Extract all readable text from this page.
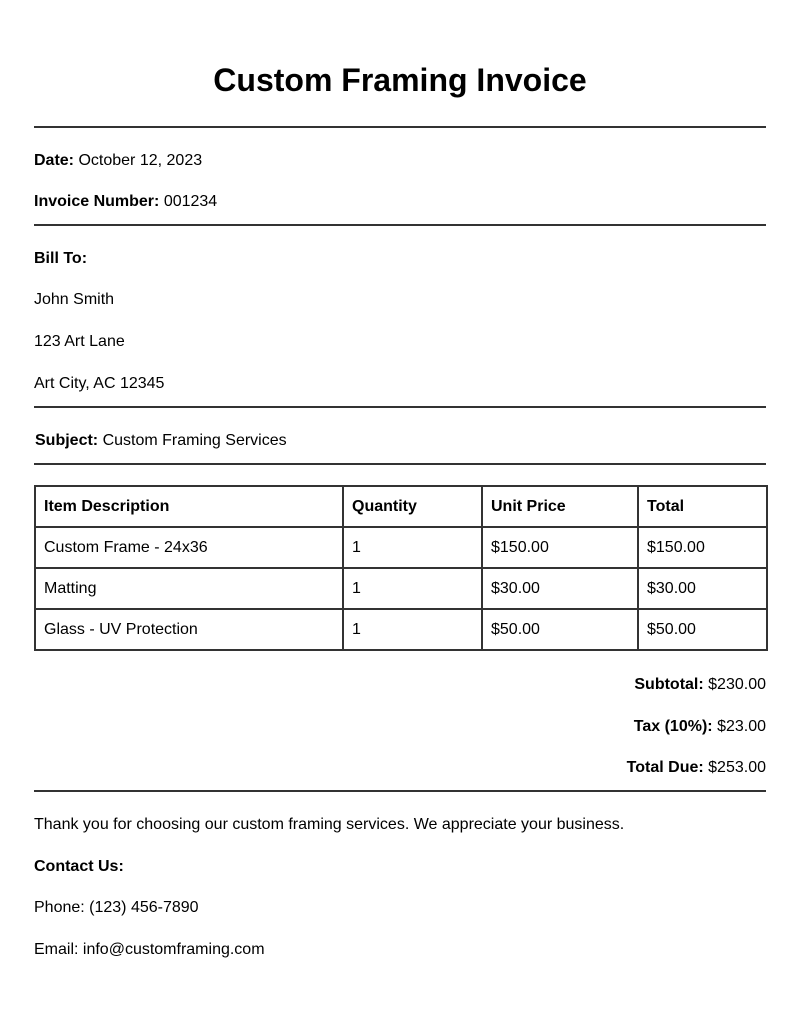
Custom Framing Invoice
Date: October 12, 2023
Invoice Number: 001234
Bill To:
John Smith
123 Art Lane
Art City, AC 12345
Subject: Custom Framing Services
Item Description	Quantity	Unit Price	Total
Custom Frame - 24x36	1	$150.00	$150.00
Matting	1	$30.00	$30.00
Glass - UV Protection	1	$50.00	$50.00
Subtotal: $230.00
Tax (10%): $23.00
Total Due: $253.00
Thank you for choosing our custom framing services. We appreciate your business.
Contact Us:
Phone: (123) 456-7890
Email: info@customframing.com
